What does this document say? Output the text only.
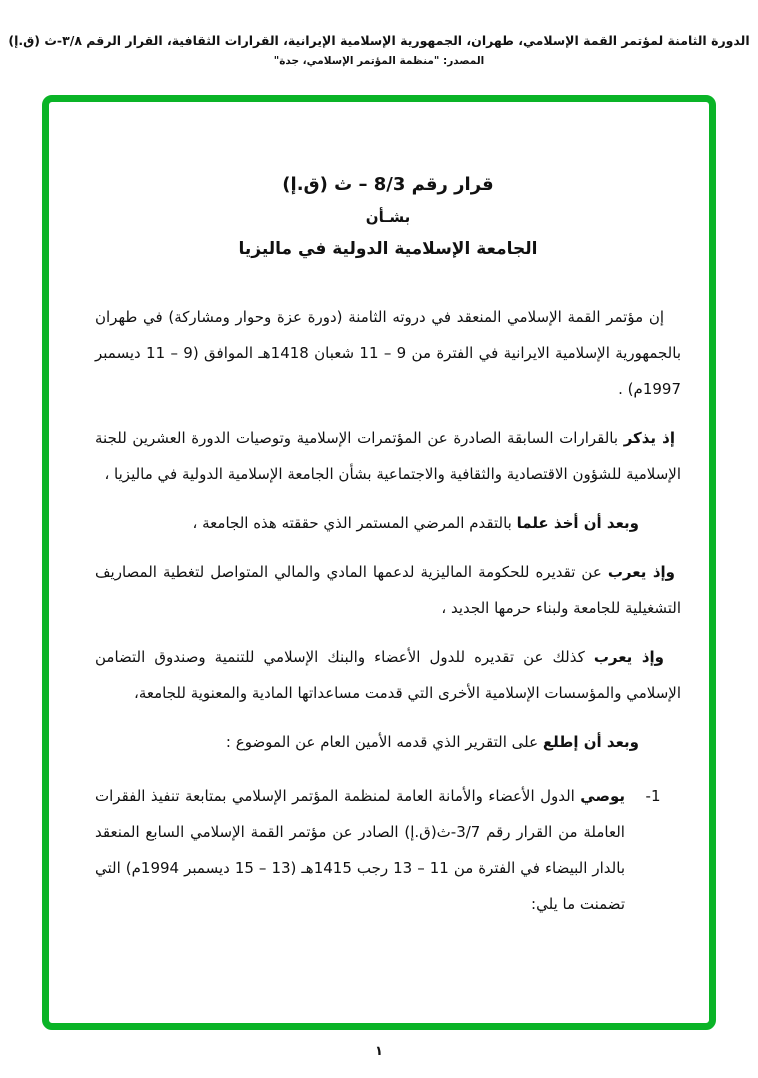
الدورة الثامنة لمؤتمر القمة الإسلامي، طهران، الجمهورية الإسلامية الإيرانية، القرارات الثقافية، القرار الرقم ٣/٨-ث (ق.إ)
المصدر: "منظمة المؤتمر الإسلامي، جدة"
قرار رقم 8/3 – ث (ق.إ)
بشـأن
الجامعة الإسلامية الدولية في ماليزيا

إن مؤتمر القمة الإسلامي المنعقد في دروته الثامنة (دورة عزة وحوار ومشاركة) في طهران بالجمهورية الإسلامية الايرانية في الفترة من 9 – 11 شعبان 1418هـ الموافق (9 – 11 ديسمبر 1997م) .

إذ يذكر بالقرارات السابقة الصادرة عن المؤتمرات الإسلامية وتوصيات الدورة العشرين للجنة الإسلامية للشؤون الاقتصادية والثقافية والاجتماعية بشأن الجامعة الإسلامية الدولية في ماليزيا ،

وبعد أن أخذ علما بالتقدم المرضي المستمر الذي حققته هذه الجامعة ،

وإذ يعرب عن تقديره للحكومة الماليزية لدعمها المادي والمالي المتواصل لتغطية المصاريف التشغيلية للجامعة ولبناء حرمها الجديد ،

وإذ يعرب كذلك عن تقديره للدول الأعضاء والبنك الإسلامي للتنمية وصندوق التضامن الإسلامي والمؤسسات الإسلامية الأخرى التي قدمت مساعداتها المادية والمعنوية للجامعة،

وبعد أن إطلع على التقرير الذي قدمه الأمين العام عن الموضوع :

1-
يوصي الدول الأعضاء والأمانة العامة لمنظمة المؤتمر الإسلامي بمتابعة تنفيذ الفقرات العاملة من القرار رقم 3/7-ث(ق.إ) الصادر عن مؤتمر القمة الإسلامي السابع المنعقد بالدار البيضاء في الفترة من 11 – 13 رجب 1415هـ (13 – 15 ديسمبر 1994م) التي تضمنت ما يلي:
١
